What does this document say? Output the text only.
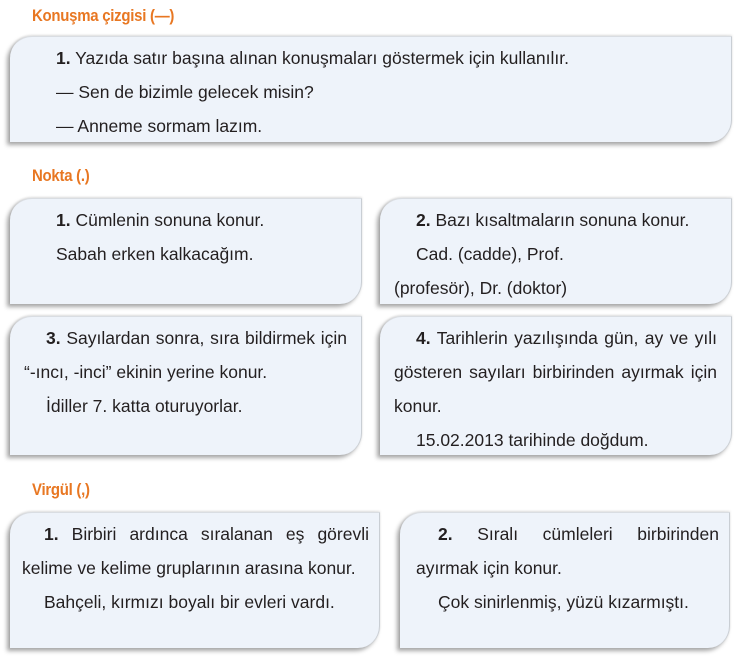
Konuşma çizgisi (—)

1. Yazıda satır başına alınan konuşmaları göstermek için kullanılır.

— Sen de bizimle gelecek misin?

— Anneme sormam lazım.

Nokta (.)

1. Cümlenin sonuna konur.

Sabah erken kalkacağım.

2. Bazı kısaltmaların sonuna konur.

Cad. (cadde), Prof. (profesör), Dr. (doktor)

3. Sayılardan sonra, sıra bildirmek için “-ıncı, -inci” ekinin yerine konur.

İdiller 7. katta oturuyorlar.

4. Tarihlerin yazılışında gün, ay ve yılı gösteren sayıları birbirinden ayırmak için konur.

15.02.2013 tarihinde doğdum.

Virgül (,)

1. Birbiri ardınca sıralanan eş görevli kelime ve kelime gruplarının arasına konur.

Bahçeli, kırmızı boyalı bir evleri vardı.

2. Sıralı cümleleri birbirinden ayırmak için konur.

Çok sinirlenmiş, yüzü kızarmıştı.
